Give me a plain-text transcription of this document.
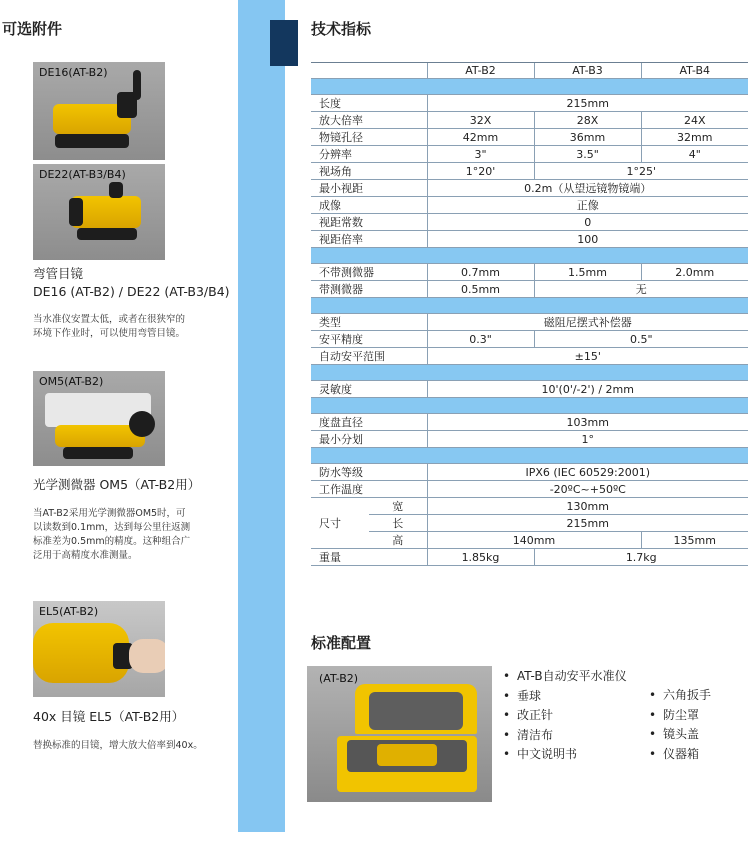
可选附件
DE16(AT-B2)
DE22(AT-B3/B4)
弯管目镜
DE16 (AT-B2) / DE22 (AT-B3/B4)
当水准仪安置太低，或者在很狭窄的
环境下作业时，可以使用弯管目镜。
OM5(AT-B2)
光学测微器 OM5（AT-B2用）
当AT-B2采用光学测微器OM5时，可
以读数到0.1mm，达到每公里往返测
标准差为0.5mm的精度。这种组合广
泛用于高精度水准测量。
EL5(AT-B2)
40x 目镜 EL5（AT-B2用）
替换标准的目镜，增大放大倍率到40x。
技术指标
		AT-B2	AT-B3	AT-B4

长度		215mm		
放大倍率		32X	28X	24X
物镜孔径		42mm	36mm	32mm
分辨率		3"	3.5"	4"
视场角		1°20'	1°25'	
最小视距		0.2m（从望远镜物镜端）		
成像		正像		
视距常数		0		
视距倍率		100		

不带测微器		0.7mm	1.5mm	2.0mm
带测微器		0.5mm	无	

类型		磁阻尼摆式补偿器		
安平精度		0.3"	0.5"	
自动安平范围		±15'		

灵敏度		10'(0'/-2') / 2mm		

度盘直径		103mm		
最小分划		1°		

防水等级		IPX6 (IEC 60529:2001)		
工作温度		-20ºC~+50ºC		
尺寸	宽	130mm		
	长	215mm		
	高	140mm		135mm
重量		1.85kg	1.7kg	
标准配置
(AT-B2)	• AT-B自动安平水准仪
• 垂球
• 改正针
• 清洁布
• 中文说明书
• 六角扳手
• 防尘罩
• 镜头盖
• 仪器箱
